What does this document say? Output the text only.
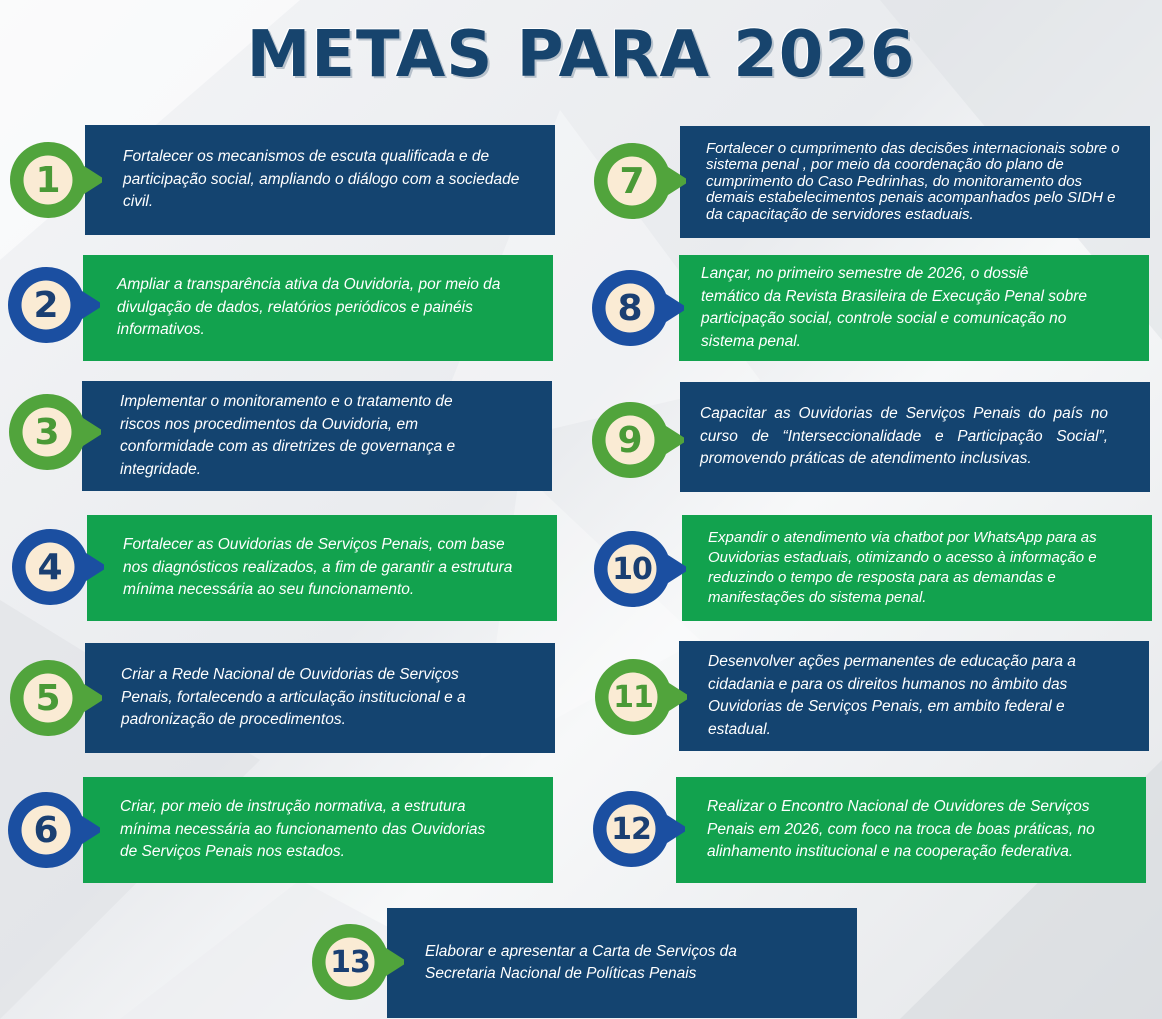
METAS PARA 2026
Fortalecer os mecanismos de escuta qualificada e de participação social, ampliando o diálogo com a sociedade civil.
1
Ampliar a transparência ativa da Ouvidoria, por meio da divulgação de dados, relatórios periódicos e painéis informativos.
2
Implementar o monitoramento e o tratamento de riscos nos procedimentos da Ouvidoria, em conformidade com as diretrizes de governança e integridade.
3
Fortalecer as Ouvidorias de Serviços Penais, com base nos diagnósticos realizados, a fim de garantir a estrutura mínima necessária ao seu funcionamento.
4
Criar a Rede Nacional de Ouvidorias de Serviços Penais, fortalecendo a articulação institucional e a padronização de procedimentos.
5
Criar, por meio de instrução normativa, a estrutura mínima necessária ao funcionamento das Ouvidorias de Serviços Penais nos estados.
6
Fortalecer o cumprimento das decisões internacionais sobre o sistema penal , por meio da coordenação do plano de cumprimento do Caso Pedrinhas, do monitoramento dos demais estabelecimentos penais acompanhados pelo SIDH e da capacitação de servidores estaduais.
7
Lançar, no primeiro semestre de 2026, o dossiê temático da Revista Brasileira de Execução Penal sobre participação social, controle social e comunicação no sistema penal.
8
Capacitar as Ouvidorias de Serviços Penais do país no curso de “Interseccionalidade e Participação Social”, promovendo práticas de atendimento inclusivas.
9
Expandir o atendimento via chatbot por WhatsApp para as Ouvidorias estaduais, otimizando o acesso à informação e reduzindo o tempo de resposta para as demandas e manifestações do sistema penal.
10
Desenvolver ações permanentes de educação para a cidadania e para os direitos humanos no âmbito das Ouvidorias de Serviços Penais, em ambito federal e estadual.
11
Realizar o Encontro Nacional de Ouvidores de Serviços Penais em 2026, com foco na troca de boas práticas, no alinhamento institucional e na cooperação federativa.
12
Elaborar e apresentar a Carta de Serviços da Secretaria Nacional de Políticas Penais
13
